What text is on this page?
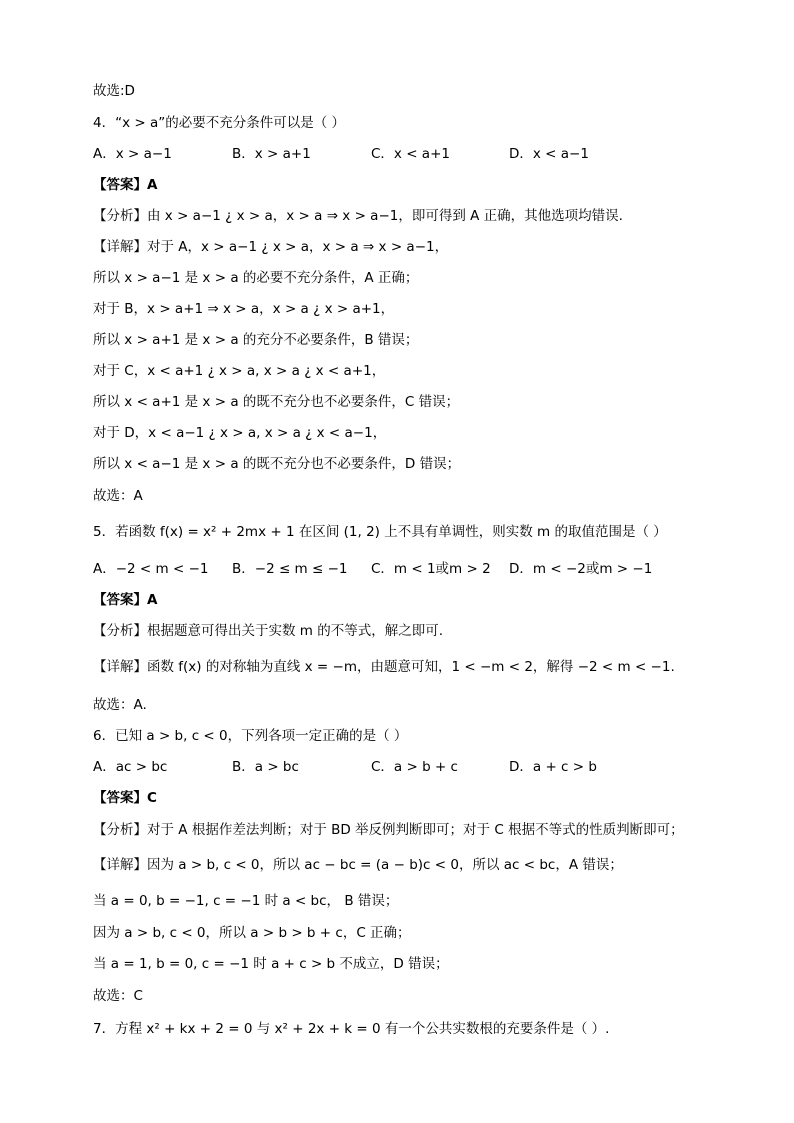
故选:D
4．“x > a”的必要不充分条件可以是（ ）
A．x > a−1	B．x > a+1	C．x < a+1	D．x < a−1
【答案】A
【分析】由 x > a−1 ¿ x > a，x > a ⇒ x > a−1，即可得到 A 正确，其他选项均错误.
【详解】对于 A，x > a−1 ¿ x > a，x > a ⇒ x > a−1，
所以 x > a−1 是 x > a 的必要不充分条件，A 正确；
对于 B，x > a+1 ⇒ x > a，x > a ¿ x > a+1，
所以 x > a+1 是 x > a 的充分不必要条件，B 错误；
对于 C，x < a+1 ¿ x > a, x > a ¿ x < a+1，
所以 x < a+1 是 x > a 的既不充分也不必要条件，C 错误；
对于 D，x < a−1 ¿ x > a, x > a ¿ x < a−1，
所以 x < a−1 是 x > a 的既不充分也不必要条件，D 错误；
故选：A
5．若函数 f(x) = x² + 2mx + 1 在区间 (1, 2) 上不具有单调性，则实数 m 的取值范围是（ ）
A．−2 < m < −1 B．−2 ≤ m ≤ −1 C．m < 1或m > 2 D．m < −2或m > −1
【答案】A
【分析】根据题意可得出关于实数 m 的不等式，解之即可.
【详解】函数 f(x) 的对称轴为直线 x = −m，由题意可知，1 < −m < 2，解得 −2 < m < −1.
故选：A.
6．已知 a > b, c < 0，下列各项一定正确的是（ ）
A．ac > bc	B．a > bc	C．a > b + c	D．a + c > b
【答案】C
【分析】对于 A 根据作差法判断；对于 BD 举反例判断即可；对于 C 根据不等式的性质判断即可；
【详解】因为 a > b, c < 0，所以 ac − bc = (a − b)c < 0，所以 ac < bc，A 错误；
当 a = 0, b = −1, c = −1 时 a < bc， B 错误；
因为 a > b, c < 0，所以 a > b > b + c，C 正确；
当 a = 1, b = 0, c = −1 时 a + c > b 不成立，D 错误；
故选：C
7．方程 x² + kx + 2 = 0 与 x² + 2x + k = 0 有一个公共实数根的充要条件是（ ）.
